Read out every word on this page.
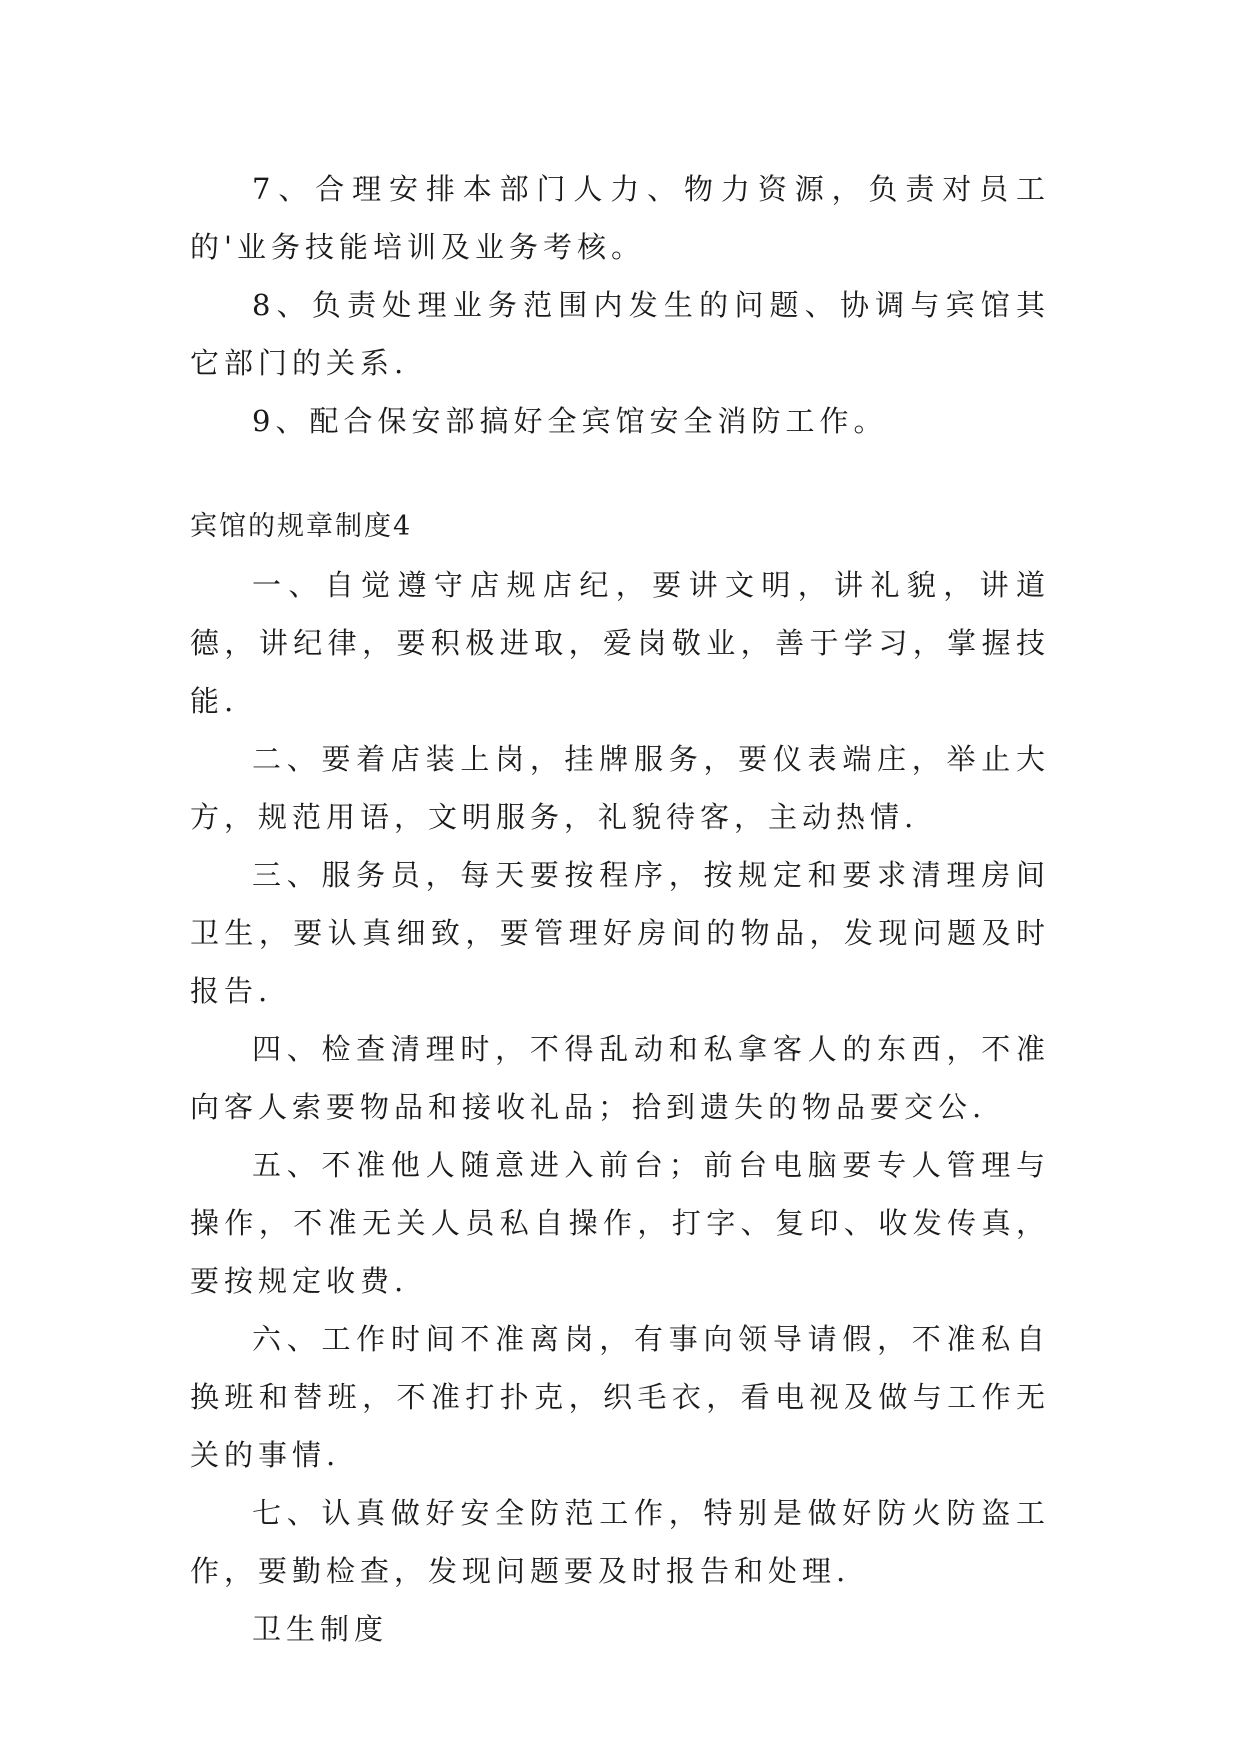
7、合理安排本部门人力、物力资源，负责对员工的'业务技能培训及业务考核。

8、负责处理业务范围内发生的问题、协调与宾馆其它部门的关系.

9、配合保安部搞好全宾馆安全消防工作。

宾馆的规章制度4

一、自觉遵守店规店纪，要讲文明，讲礼貌，讲道德，讲纪律，要积极进取，爱岗敬业，善于学习，掌握技能.

二、要着店装上岗，挂牌服务，要仪表端庄，举止大方，规范用语，文明服务，礼貌待客，主动热情.

三、服务员，每天要按程序，按规定和要求清理房间卫生，要认真细致，要管理好房间的物品，发现问题及时报告.

四、检查清理时，不得乱动和私拿客人的东西，不准向客人索要物品和接收礼品；拾到遗失的物品要交公.

五、不准他人随意进入前台；前台电脑要专人管理与操作，不准无关人员私自操作，打字、复印、收发传真，要按规定收费.

六、工作时间不准离岗，有事向领导请假，不准私自换班和替班，不准打扑克，织毛衣，看电视及做与工作无关的事情.

七、认真做好安全防范工作，特别是做好防火防盗工作，要勤检查，发现问题要及时报告和处理.

卫生制度
